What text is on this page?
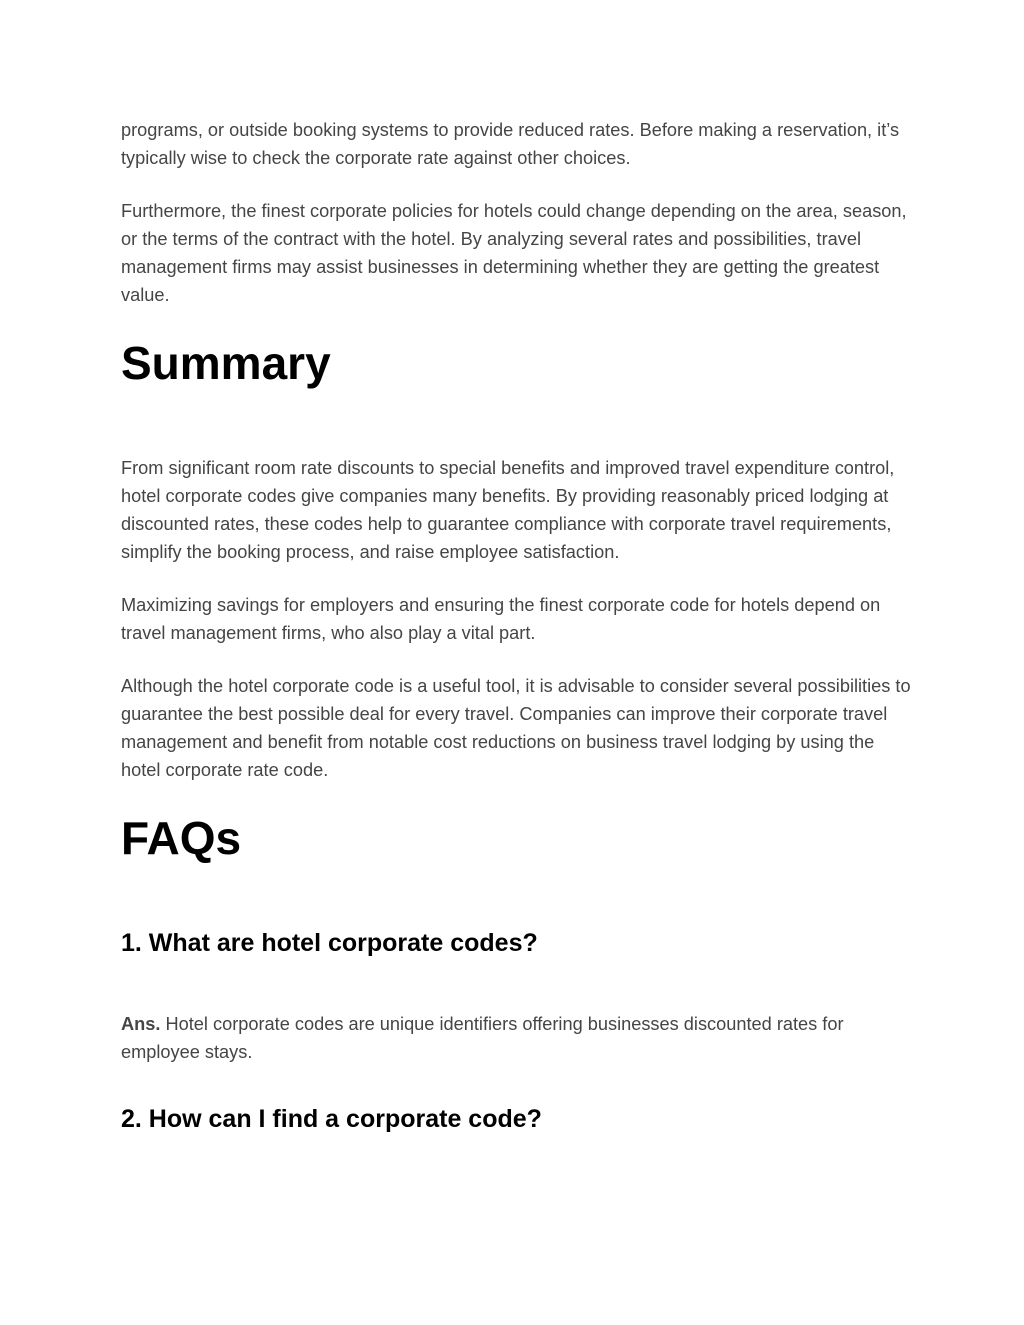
programs, or outside booking systems to provide reduced rates. Before making a reservation, it’s typically wise to check the corporate rate against other choices.

Furthermore, the finest corporate policies for hotels could change depending on the area, season, or the terms of the contract with the hotel. By analyzing several rates and possibilities, travel management firms may assist businesses in determining whether they are getting the greatest value.

Summary

From significant room rate discounts to special benefits and improved travel expenditure control, hotel corporate codes give companies many benefits. By providing reasonably priced lodging at discounted rates, these codes help to guarantee compliance with corporate travel requirements, simplify the booking process, and raise employee satisfaction.

Maximizing savings for employers and ensuring the finest corporate code for hotels depend on travel management firms, who also play a vital part.

Although the hotel corporate code is a useful tool, it is advisable to consider several possibilities to guarantee the best possible deal for every travel. Companies can improve their corporate travel management and benefit from notable cost reductions on business travel lodging by using the hotel corporate rate code.

FAQs
1. What are hotel corporate codes?

Ans. Hotel corporate codes are unique identifiers offering businesses discounted rates for employee stays.

2. How can I find a corporate code?
